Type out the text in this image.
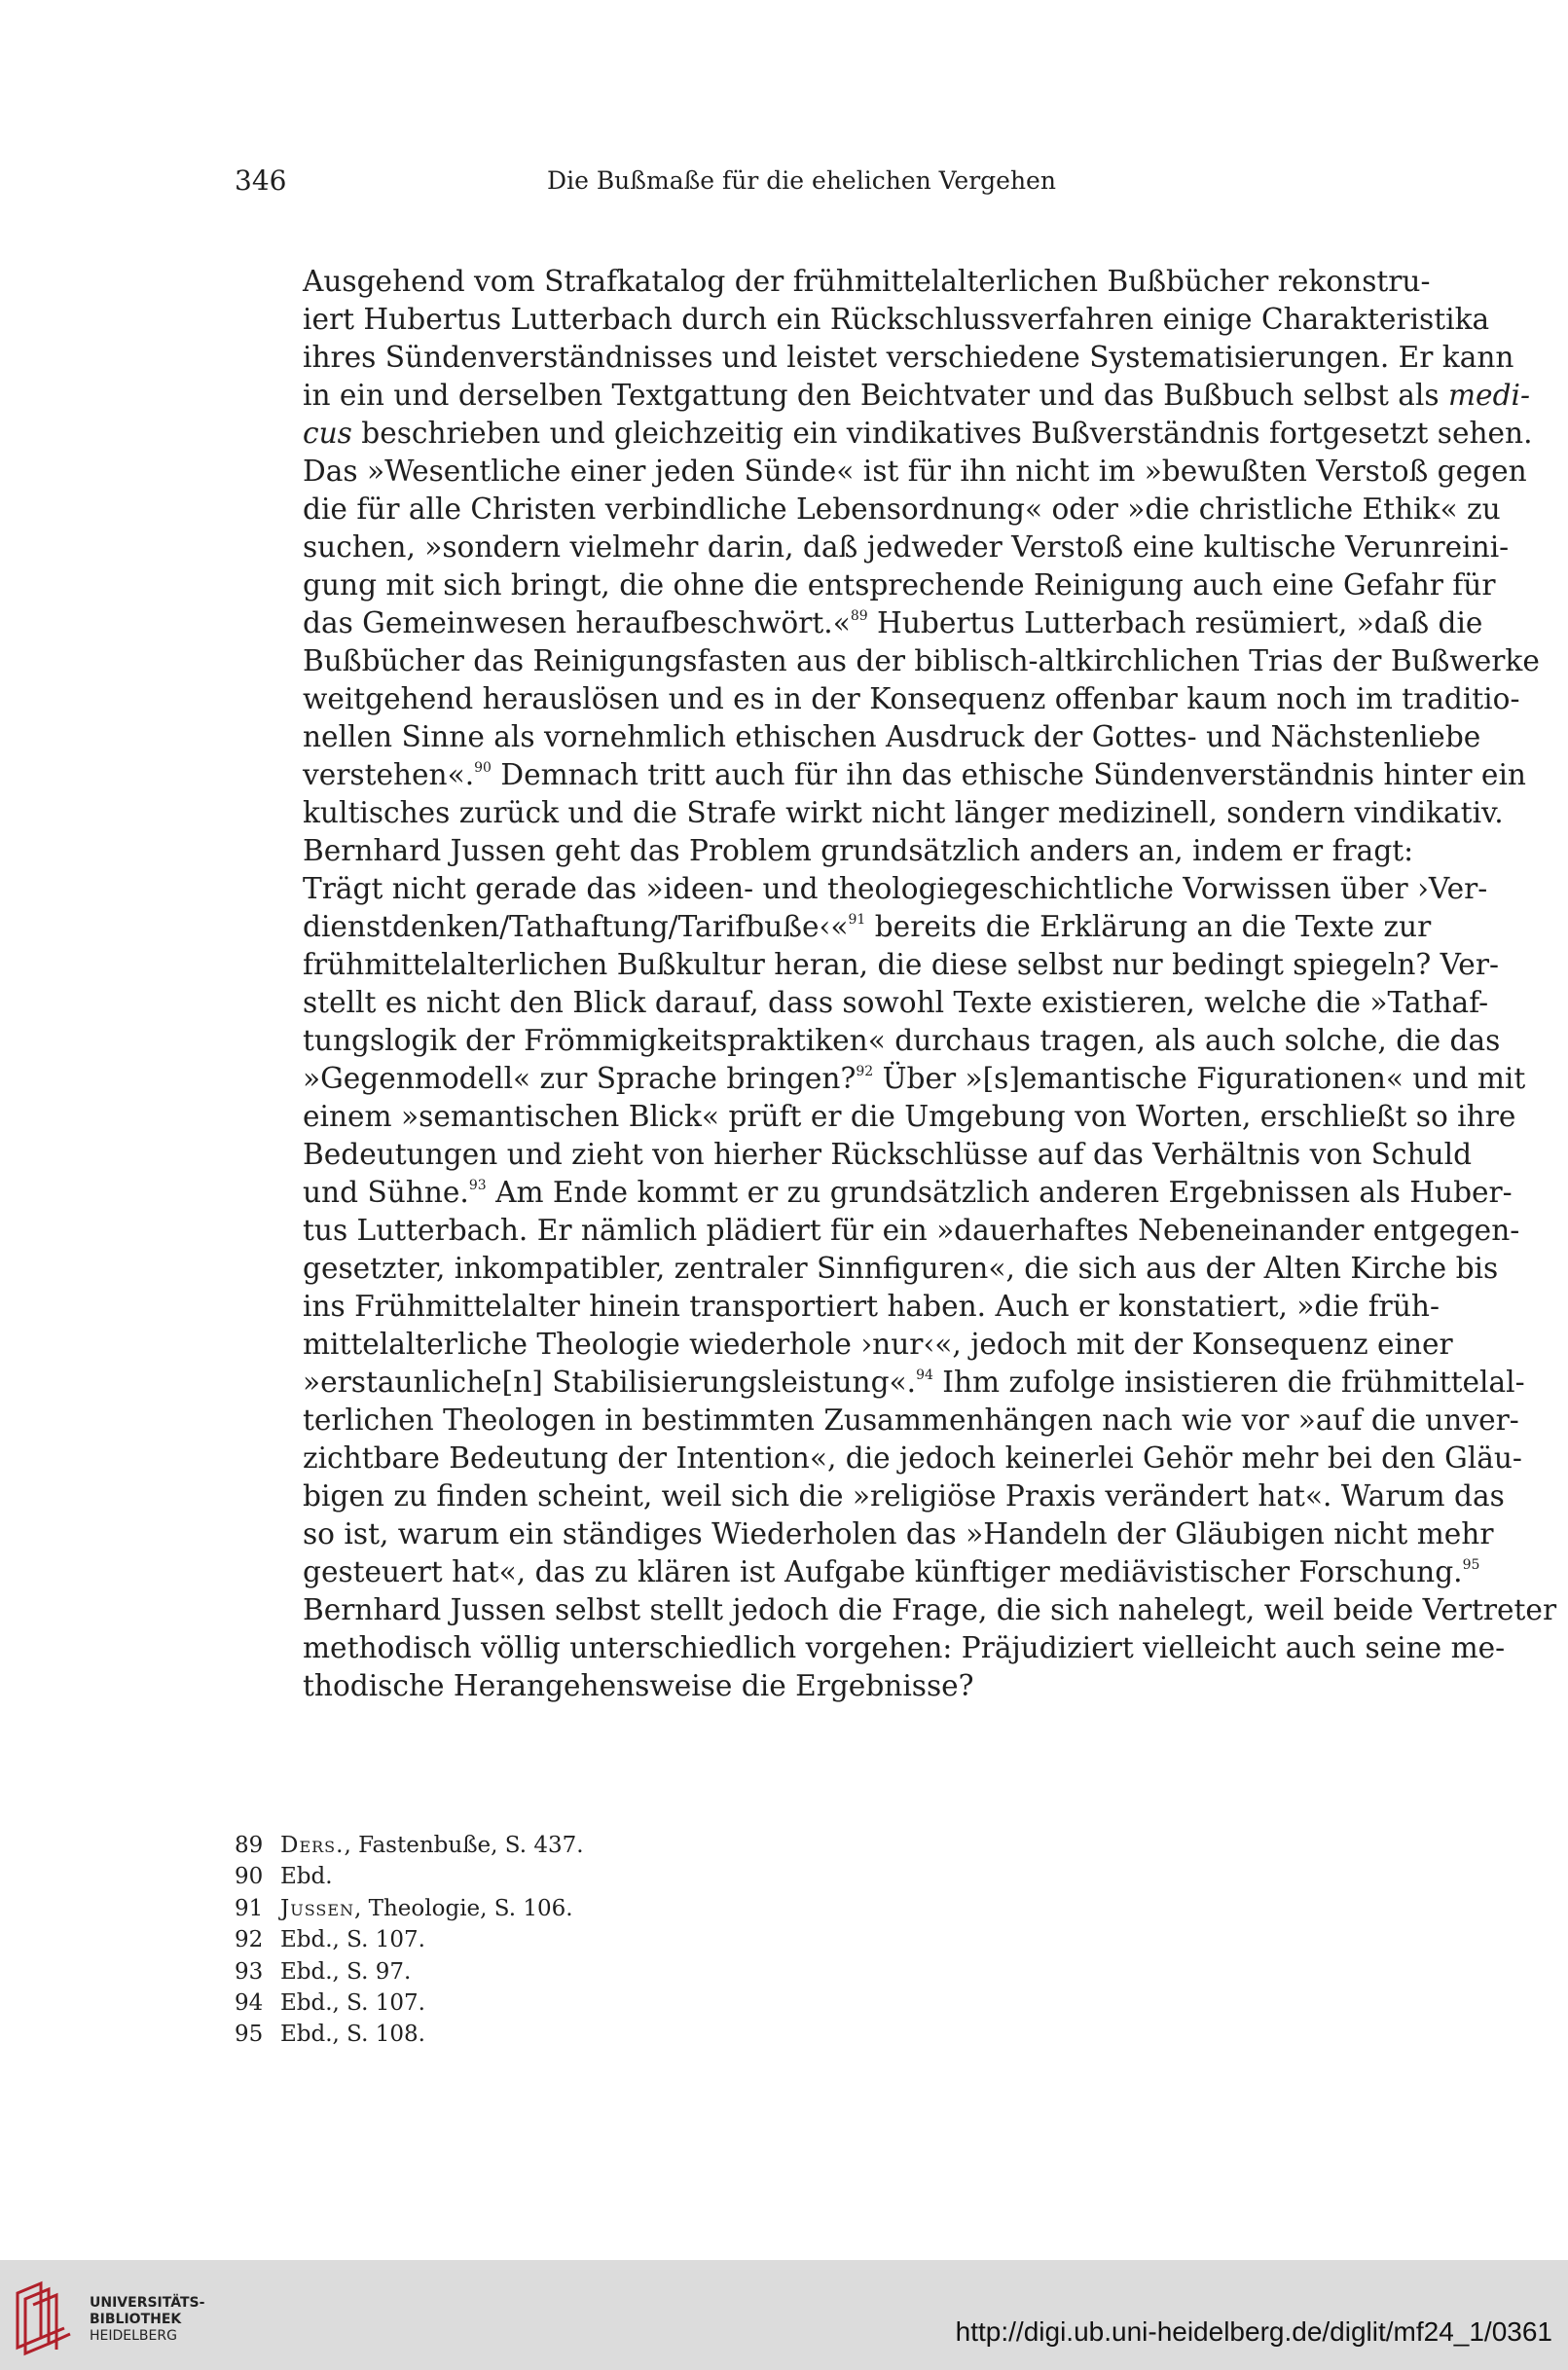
346	Die Bußmaße für die ehelichen Vergehen

Ausgehend vom Strafkatalog der frühmittelalterlichen Bußbücher rekonstru-
iert Hubertus Lutterbach durch ein Rückschlussverfahren einige Charakteristika
ihres Sündenverständnisses und leistet verschiedene Systematisierungen. Er kann
in ein und derselben Textgattung den Beichtvater und das Bußbuch selbst als medi-
cus beschrieben und gleichzeitig ein vindikatives Bußverständnis fortgesetzt sehen.
Das »Wesentliche einer jeden Sünde« ist für ihn nicht im »bewußten Verstoß gegen
die für alle Christen verbindliche Lebensordnung« oder »die christliche Ethik« zu
suchen, »sondern vielmehr darin, daß jedweder Verstoß eine kultische Verunreini-
gung mit sich bringt, die ohne die entsprechende Reinigung auch eine Gefahr für
das Gemeinwesen heraufbeschwört.«$^{89}$ Hubertus Lutterbach resümiert, »daß die
Bußbücher das Reinigungsfasten aus der biblisch-altkirchlichen Trias der Bußwerke
weitgehend herauslösen und es in der Konsequenz offenbar kaum noch im traditio-
nellen Sinne als vornehmlich ethischen Ausdruck der Gottes- und Nächstenliebe
verstehen«.$^{90}$ Demnach tritt auch für ihn das ethische Sündenverständnis hinter ein
kultisches zurück und die Strafe wirkt nicht länger medizinell, sondern vindikativ.

Bernhard Jussen geht das Problem grundsätzlich anders an, indem er fragt:
Trägt nicht gerade das »ideen- und theologiegeschichtliche Vorwissen über ›Ver-
dienstdenken/Tathaftung/Tarifbuße‹«$^{91}$ bereits die Erklärung an die Texte zur
frühmittelalterlichen Bußkultur heran, die diese selbst nur bedingt spiegeln? Ver-
stellt es nicht den Blick darauf, dass sowohl Texte existieren, welche die »Tathaf-
tungslogik der Frömmigkeitspraktiken« durchaus tragen, als auch solche, die das
»Gegenmodell« zur Sprache bringen?$^{92}$ Über »[s]emantische Figurationen« und mit
einem »semantischen Blick« prüft er die Umgebung von Worten, erschließt so ihre
Bedeutungen und zieht von hierher Rückschlüsse auf das Verhältnis von Schuld
und Sühne.$^{93}$ Am Ende kommt er zu grundsätzlich anderen Ergebnissen als Huber-
tus Lutterbach. Er nämlich plädiert für ein »dauerhaftes Nebeneinander entgegen-
gesetzter, inkompatibler, zentraler Sinnfiguren«, die sich aus der Alten Kirche bis
ins Frühmittelalter hinein transportiert haben. Auch er konstatiert, »die früh-
mittelalterliche Theologie wiederhole ›nur‹«, jedoch mit der Konsequenz einer
»erstaunliche[n] Stabilisierungsleistung«.$^{94}$ Ihm zufolge insistieren die frühmittelal-
terlichen Theologen in bestimmten Zusammenhängen nach wie vor »auf die unver-
zichtbare Bedeutung der Intention«, die jedoch keinerlei Gehör mehr bei den Gläu-
bigen zu finden scheint, weil sich die »religiöse Praxis verändert hat«. Warum das
so ist, warum ein ständiges Wiederholen das »Handeln der Gläubigen nicht mehr
gesteuert hat«, das zu klären ist Aufgabe künftiger mediävistischer Forschung.$^{95}$
Bernhard Jussen selbst stellt jedoch die Frage, die sich nahelegt, weil beide Vertreter
methodisch völlig unterschiedlich vorgehen: Präjudiziert vielleicht auch seine me-
thodische Herangehensweise die Ergebnisse?

89 Ders., Fastenbuße, S. 437.
90 Ebd.
91 Jussen, Theologie, S. 106.
92 Ebd., S. 107.
93 Ebd., S. 97.
94 Ebd., S. 107.
95 Ebd., S. 108.
UNIVERSITÄTS-
BIBLIOTHEK
HEIDELBERG	http://digi.ub.uni-heidelberg.de/diglit/mf24_1/0361
